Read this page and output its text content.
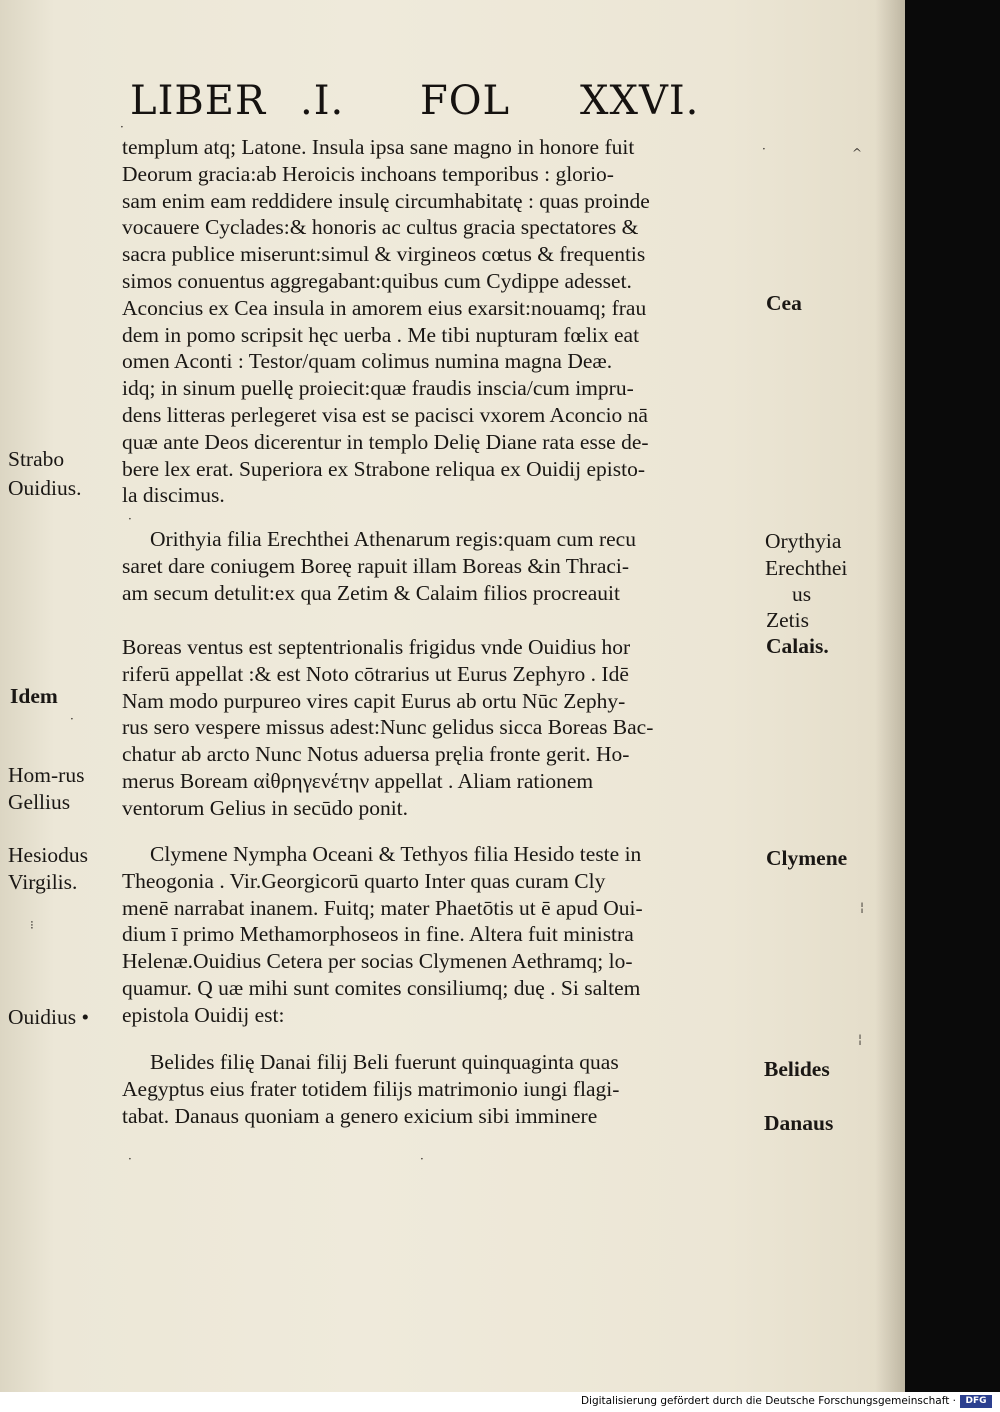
LIBER .I. FOL XXVI.
templum atq; Latone. Insula ipsa sane magno in honore fuit
Deorum gracia:ab Heroicis inchoans temporibus : glorio-
sam enim eam reddidere insulę circumhabitatę : quas proinde
vocauere Cyclades:& honoris ac cultus gracia spectatores &
sacra publice miserunt:simul & virgineos cœtus & frequentis
simos conuentus aggregabant:quibus cum Cydippe adesset.
Aconcius ex Cea insula in amorem eius exarsit:nouamq; frau
dem in pomo scripsit hęc uerba . Me tibi nupturam fœlix eat
omen Aconti : Testor/quam colimus numina magna Deæ.
idq; in sinum puellę proiecit:quæ fraudis inscia/cum impru-
dens litteras perlegeret visa est se pacisci vxorem Aconcio nā
quæ ante Deos dicerentur in templo Delię Diane rata esse de-
bere lex erat. Superiora ex Strabone reliqua ex Ouidij episto-
la discimus.
Orithyia filia Erechthei Athenarum regis:quam cum recu
saret dare coniugem Boreę rapuit illam Boreas &in Thraci-
am secum detulit:ex qua Zetim & Calaim filios procreauit
Boreas ventus est septentrionalis frigidus vnde Ouidius hor
riferū appellat :& est Noto cōtrarius ut Eurus Zephyro . Idē
Nam modo purpureo vires capit Eurus ab ortu Nūc Zephy-
rus sero vespere missus adest:Nunc gelidus sicca Boreas Bac-
chatur ab arcto Nunc Notus aduersa pręlia fronte gerit. Ho-
merus Boream αἰθρηγενέτην appellat . Aliam rationem
ventorum Gelius in secūdo ponit.
Clymene Nympha Oceani & Tethyos filia Hesido teste in
Theogonia . Vir.Georgicorū quarto Inter quas curam Cly
menē narrabat inanem. Fuitq; mater Phaetōtis ut ē apud Oui-
dium ī primo Methamorphoseos in fine. Altera fuit ministra
Helenæ.Ouidius Cetera per socias Clymenen Aethramq; lo-
quamur. Q uæ mihi sunt comites consiliumq; duę . Si saltem
epistola Ouidij est:
Belides filię Danai filij Beli fuerunt quinquaginta quas
Aegyptus eius frater totidem filijs matrimonio iungi flagi-
tabat. Danaus quoniam a genero exicium sibi imminere
Strabo
Ouidius.
Idem
Hom-rus
Gellius
Hesiodus
Virgilis.
Ouidius •
Cea
Orythyia
Erechthei
us
Zetis
Calais.
Clymene
Belides
Danaus
·
·	^
·
·
¦
⁝
¦
·	·
Digitalisierung gefördert durch die Deutsche Forschungsgemeinschaft ·	DFG
